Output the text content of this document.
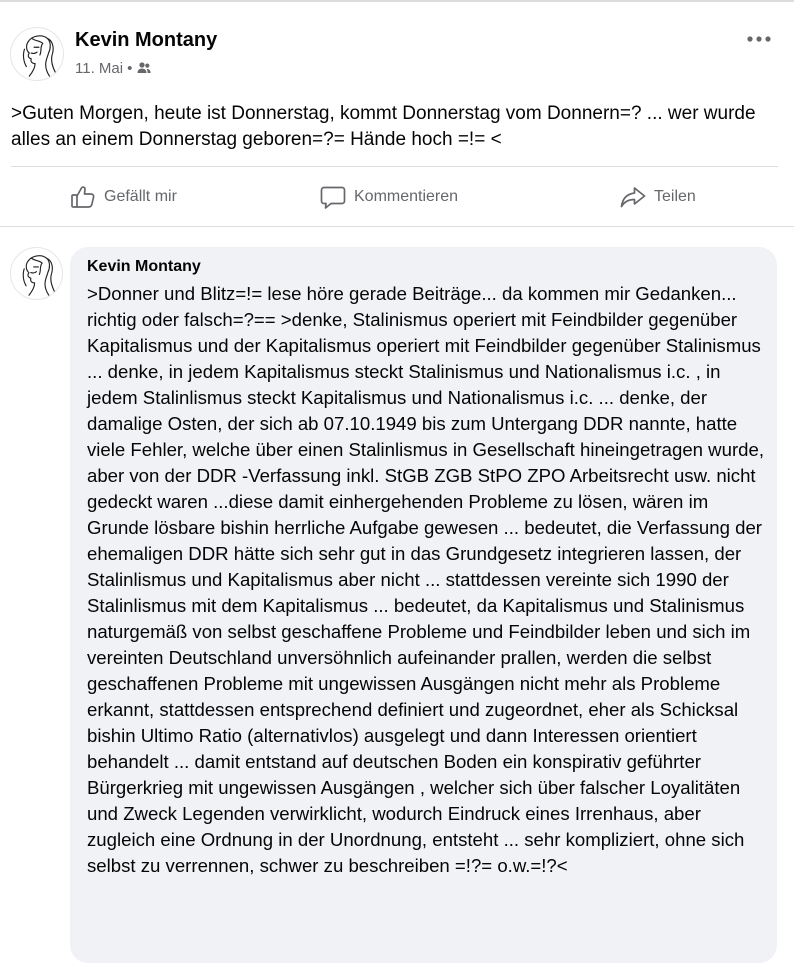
Kevin Montany
11. Mai •
>Guten Morgen, heute ist Donnerstag, kommt Donnerstag vom Donnern=? ... wer wurde alles an einem Donnerstag geboren=?= Hände hoch =!= <
Gefällt mir	Kommentieren	Teilen
Kevin Montany
>Donner und Blitz=!= lese höre gerade Beiträge... da kommen mir Gedanken... richtig oder falsch=?== >denke, Stalinismus operiert mit Feindbilder gegenüber Kapitalismus und der Kapitalismus operiert mit Feindbilder gegenüber Stalinismus ... denke, in jedem Kapitalismus steckt Stalinismus und Nationalismus i.c. , in jedem Stalinlismus steckt Kapitalismus und Nationalismus i.c. ... denke, der damalige Osten, der sich ab 07.10.1949 bis zum Untergang DDR nannte, hatte viele Fehler, welche über einen Stalinlismus in Gesellschaft hineingetragen wurde, aber von der DDR -Verfassung inkl. StGB ZGB StPO ZPO Arbeitsrecht usw. nicht gedeckt waren ...diese damit einhergehenden Probleme zu lösen, wären im Grunde lösbare bishin herrliche Aufgabe gewesen ... bedeutet, die Verfassung der ehemaligen DDR hätte sich sehr gut in das Grundgesetz integrieren lassen, der Stalinlismus und Kapitalismus aber nicht ... stattdessen vereinte sich 1990 der Stalinlismus mit dem Kapitalismus ... bedeutet, da Kapitalismus und Stalinismus naturgemäß von selbst geschaffene Probleme und Feindbilder leben und sich im vereinten Deutschland unversöhnlich aufeinander prallen, werden die selbst geschaffenen Probleme mit ungewissen Ausgängen nicht mehr als Probleme erkannt, stattdessen entsprechend definiert und zugeordnet, eher als Schicksal bishin Ultimo Ratio (alternativlos) ausgelegt und dann Interessen orientiert behandelt ... damit entstand auf deutschen Boden ein konspirativ geführter Bürgerkrieg mit ungewissen Ausgängen , welcher sich über falscher Loyalitäten und Zweck Legenden verwirklicht, wodurch Eindruck eines Irrenhaus, aber zugleich eine Ordnung in der Unordnung, entsteht ... sehr kompliziert, ohne sich selbst zu verrennen, schwer zu beschreiben =!?= o.w.=!?<
